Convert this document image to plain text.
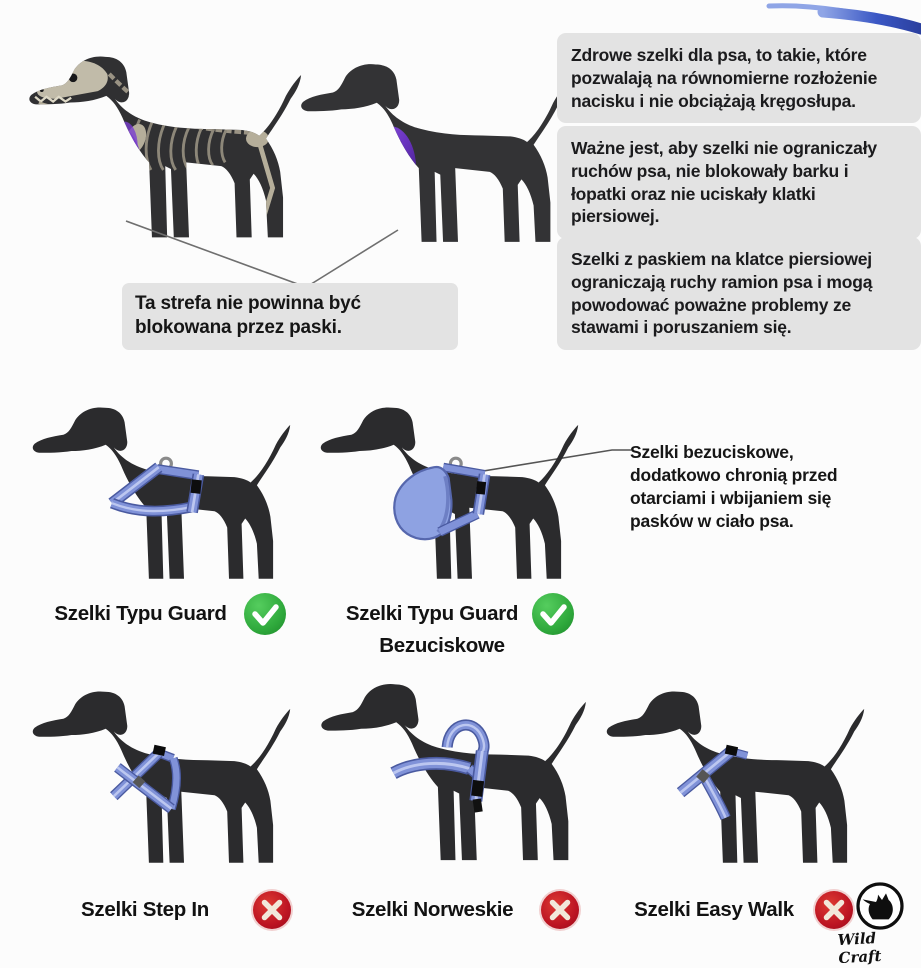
Ta strefa nie powinna być blokowana przez paski.
Zdrowe szelki dla psa, to takie, które pozwalają na równomierne rozłożenie nacisku i nie obciążają kręgosłupa.
Ważne jest, aby szelki nie ograniczały ruchów psa, nie blokowały barku i łopatki oraz nie uciskały klatki piersiowej.
Szelki z paskiem na klatce piersiowej ograniczają ruchy ramion psa i mogą powodować poważne problemy ze stawami i poruszaniem się.
Szelki Typu Guard	Szelki Typu Guard
Bezuciskowe
Szelki bezuciskowe, dodatkowo chronią przed otarciami i wbijaniem się pasków w ciało psa.
Szelki Step In	Szelki Norweskie	Szelki Easy Walk
Wild Craft
